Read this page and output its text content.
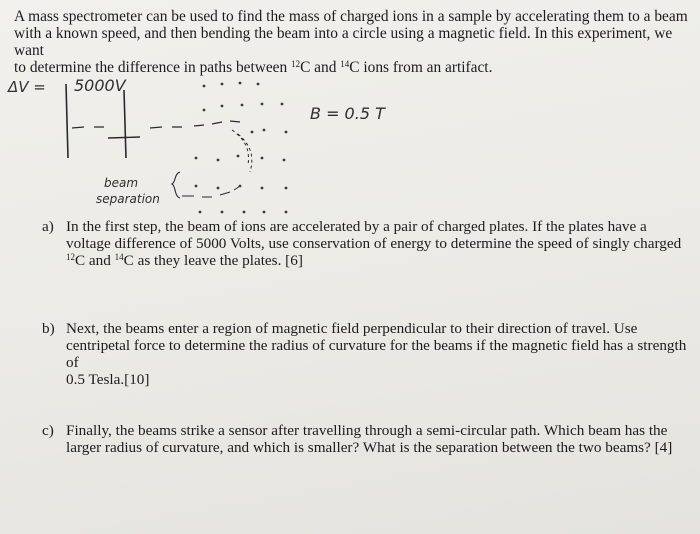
A mass spectrometer can be used to find the mass of charged ions in a sample by accelerating them to a beam
with a known speed, and then bending the beam into a circle using a magnetic field. In this experiment, we want
to determine the difference in paths between $^{12}$C and $^{14}$C ions from an artifact.
ΔV = 5000V
B = 0.5 T
beam
separation
a) In the first step, the beam of ions are accelerated by a pair of charged plates. If the plates have a
voltage difference of 5000 Volts, use conservation of energy to determine the speed of singly charged
$^{12}$C and $^{14}$C as they leave the plates. [6]
b) Next, the beams enter a region of magnetic field perpendicular to their direction of travel. Use
centripetal force to determine the radius of curvature for the beams if the magnetic field has a strength of
0.5 Tesla.[10]
c) Finally, the beams strike a sensor after travelling through a semi-circular path. Which beam has the
larger radius of curvature, and which is smaller? What is the separation between the two beams? [4]
